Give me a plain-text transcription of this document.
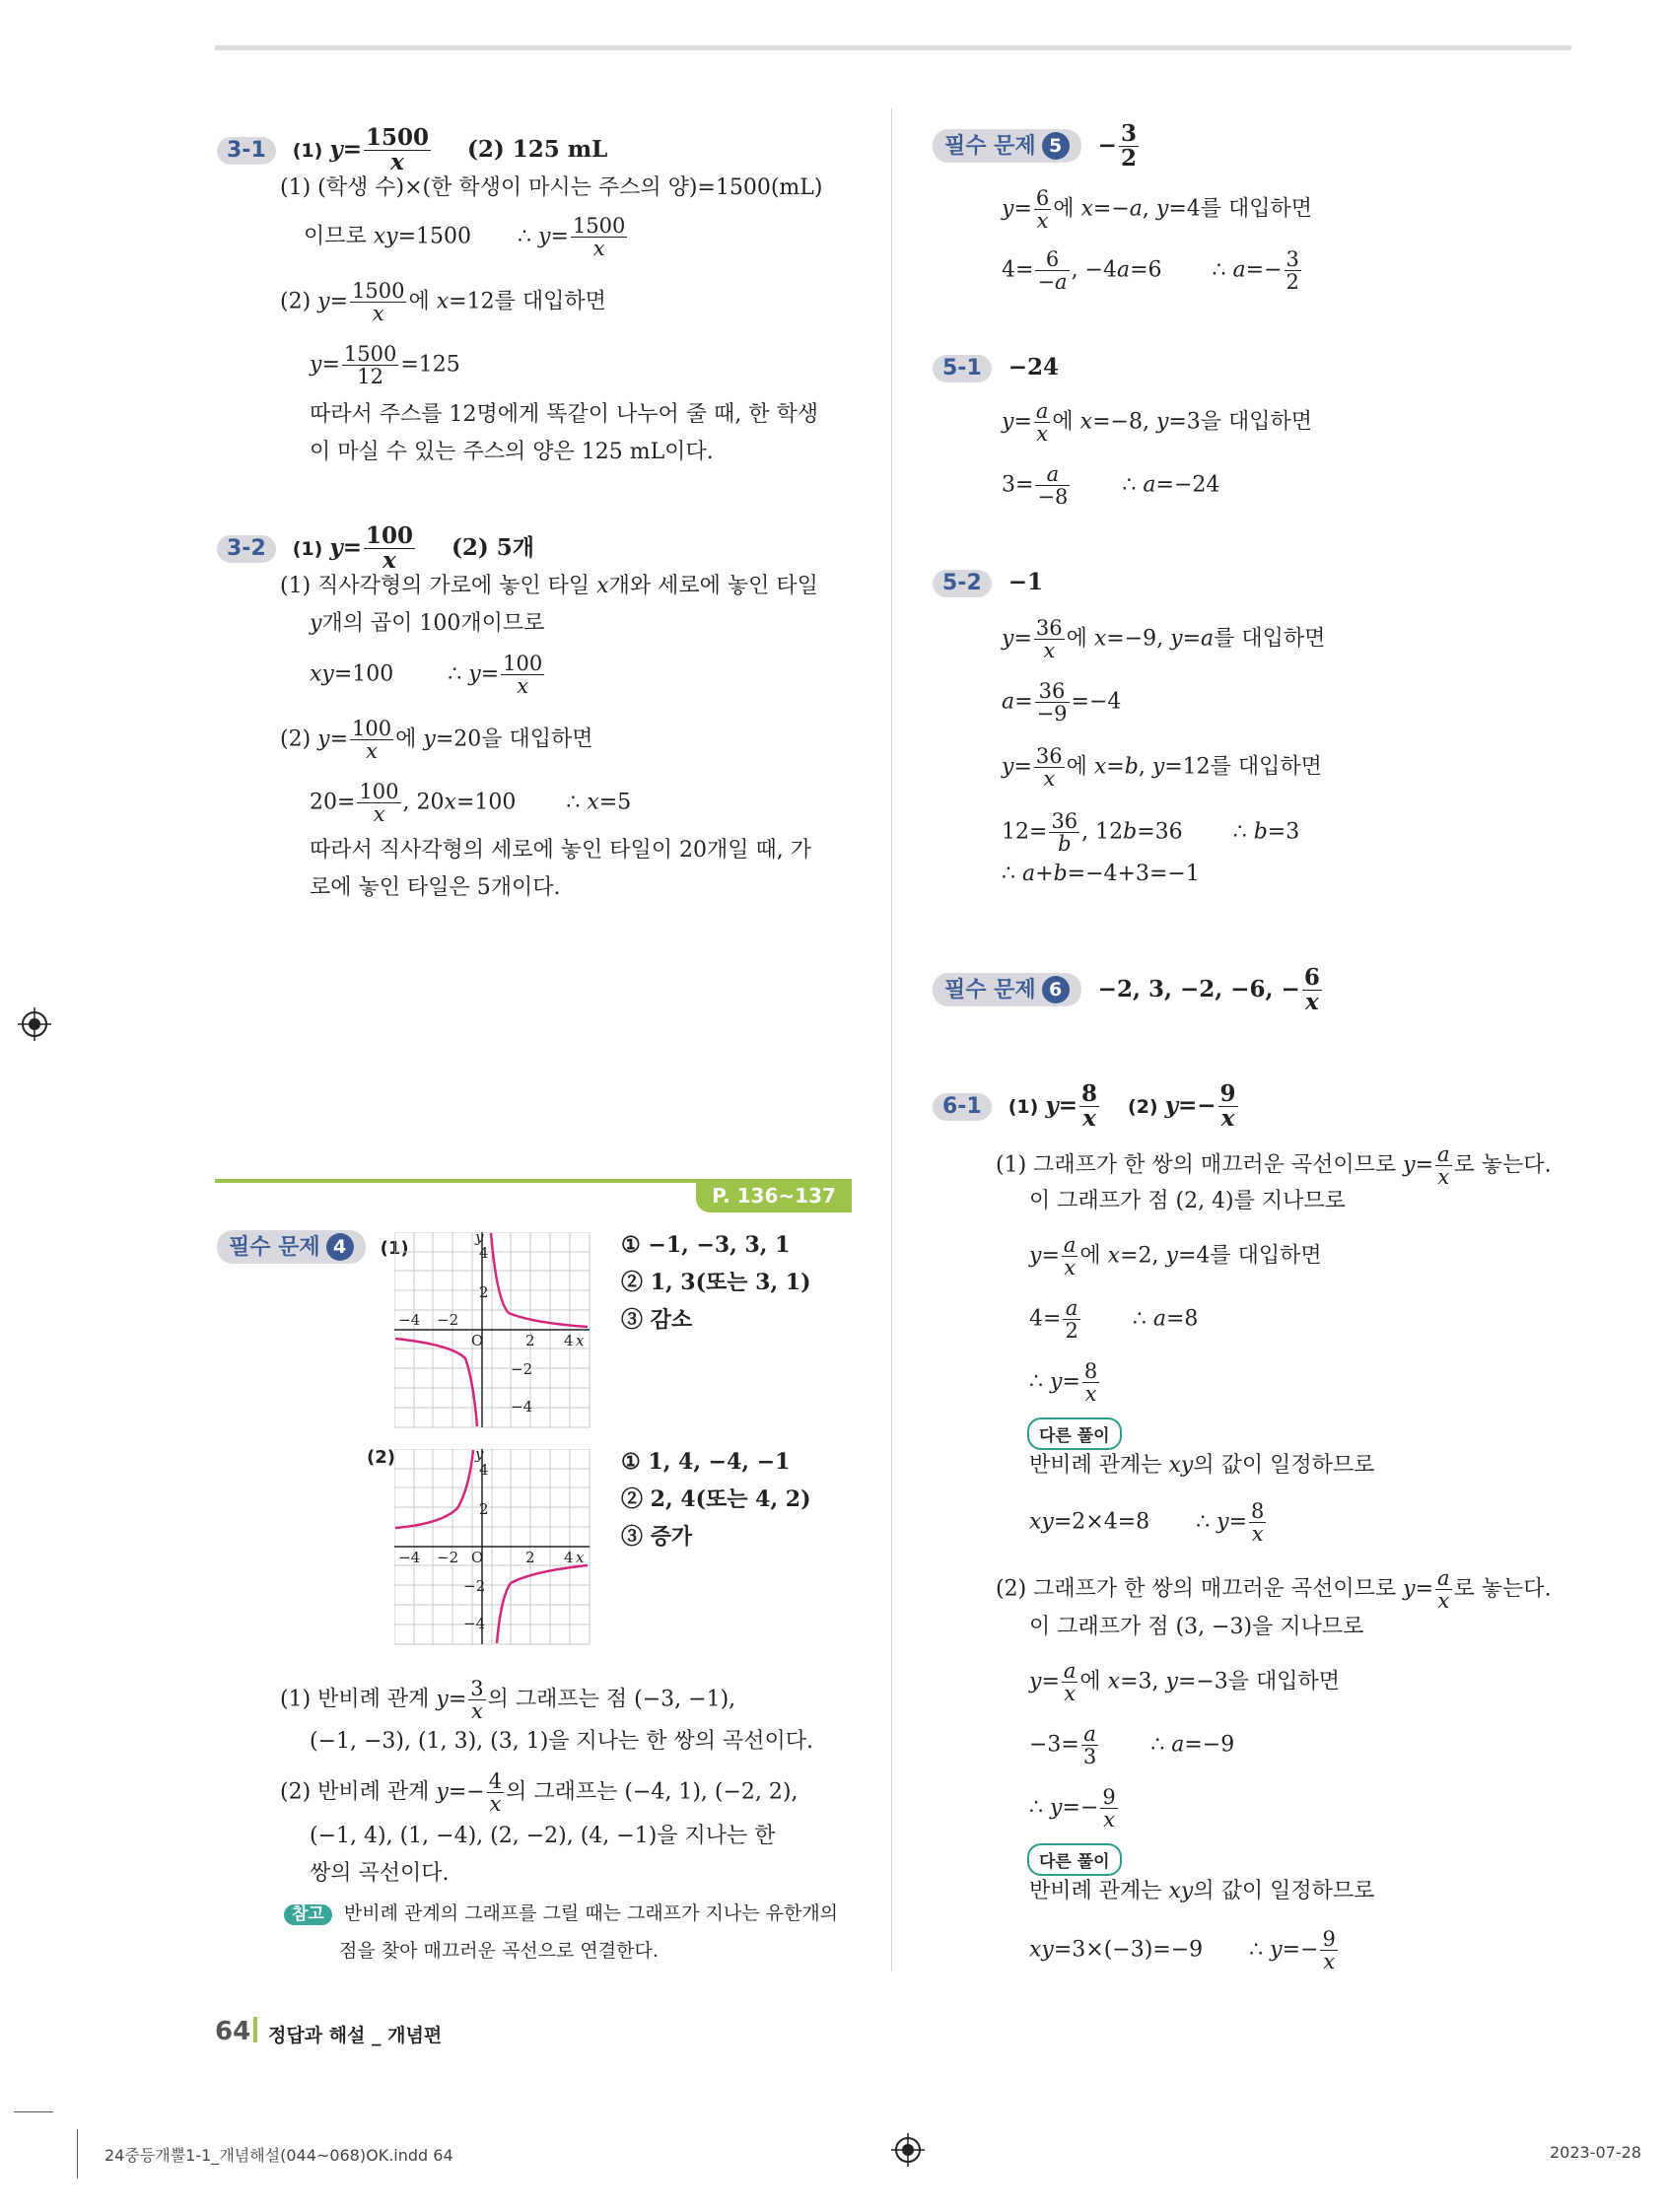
3-1 (1) $y= \frac{1500}{x} (2)$ 125 mL
(1) (학생 수)×(한 학생이 마시는 주스의 양)=1500(mL)
이므로 xy=1500 ∴ $y= \frac{1500}{x}$
(2) $y= \frac{1500}{x}$ 에 x=12를 대입하면
$y= \frac{1500}{12} =125$
따라서 주스를 12명에게 똑같이 나누어 줄 때, 한 학생
이 마실 수 있는 주스의 양은 125 mL이다.
3-2 (1) $y= \frac{100}{x} (2)$ 5개
(1) 직사각형의 가로에 놓인 타일 x개와 세로에 놓인 타일
y개의 곱이 100개이므로
xy=100	∴ $y= \frac{100}{x}$
(2) $y= \frac{100}{x}$ 에 y=20을 대입하면
$20= \frac{100}{x}$ , 20x=100 ∴ x=5
따라서 직사각형의 세로에 놓인 타일이 20개일 때, 가
로에 놓인 타일은 5개이다.
P. 136~137
필수 문제 4 (1)
y
4
2
−4 −2
O	2 4 x
−2
−4
① −1, −3, 3, 1
② 1, 3(또는 3, 1)
③ 감소
(2)	y
4
2
−4 −2 O	2 4 x
−2
−4
① 1, 4, −4, −1
② 2, 4(또는 4, 2)
③ 증가
(1) 반비례 관계 $y= \frac{3}{x}$ 의 그래프는 점 (−3, −1),
(−1, −3), (1, 3), (3, 1)을 지나는 한 쌍의 곡선이다.
(2) 반비례 관계 $y=- \frac{4}{x}$ 의 그래프는 (−4, 1), (−2, 2),
(−1, 4), (1, −4), (2, −2), (4, −1)을 지나는 한
쌍의 곡선이다.
참고 반비례 관계의 그래프를 그릴 때는 그래프가 지나는 유한개의
점을 찾아 매끄러운 곡선으로 연결한다.
필수 문제 $5 - \frac{3}{2}$
$y= \frac{6}{x}$ 에 x=−a, y=4를 대입하면
$4= \frac{6}{-a}$ , −4a=6 ∴ $a=- \frac{3}{2}$
5-1 −24
$y= \frac{a}{x}$ 에 x=−8, y=3을 대입하면
$3= \frac{a}{-8}$ ∴ a=−24
5-2 −1
$y= \frac{36}{x}$ 에 x=−9, y=a를 대입하면
$a= \frac{36}{-9} =-4$
$y= \frac{36}{x}$ 에 x=b, y=12를 대입하면
$12= \frac{36}{b}$ , 12b=36 ∴ b=3
∴ a+b=−4+3=−1
필수 문제 6 −2, 3, −2, −6, − $\frac{6}{x}$
6-1 (1) $y= \frac{8}{x} (2)$ $y=- \frac{9}{x}$
(1) 그래프가 한 쌍의 매끄러운 곡선이므로 $y= \frac{a}{x}$ 로 놓는다.
이 그래프가 점 (2, 4)를 지나므로
$y= \frac{a}{x}$ 에 x=2, y=4를 대입하면
$4= \frac{a}{2}$ ∴ a=8
∴ $y= \frac{8}{x}$
다른 풀이
반비례 관계는 xy의 값이 일정하므로
xy=2×4=8 ∴ $y= \frac{8}{x}$
(2) 그래프가 한 쌍의 매끄러운 곡선이므로 $y= \frac{a}{x}$ 로 놓는다.
이 그래프가 점 (3, −3)을 지나므로
$y= \frac{a}{x}$ 에 x=3, y=−3을 대입하면
$-3= \frac{a}{3}$ ∴ a=−9
∴ $y=- \frac{9}{x}$
다른 풀이
반비례 관계는 xy의 값이 일정하므로
xy=3×(−3)=−9 ∴ $y=- \frac{9}{x}$
64 정답과 해설 _ 개념편
24중등개뿔1-1_개념해설(044~068)OK.indd 64	2023-07-28
